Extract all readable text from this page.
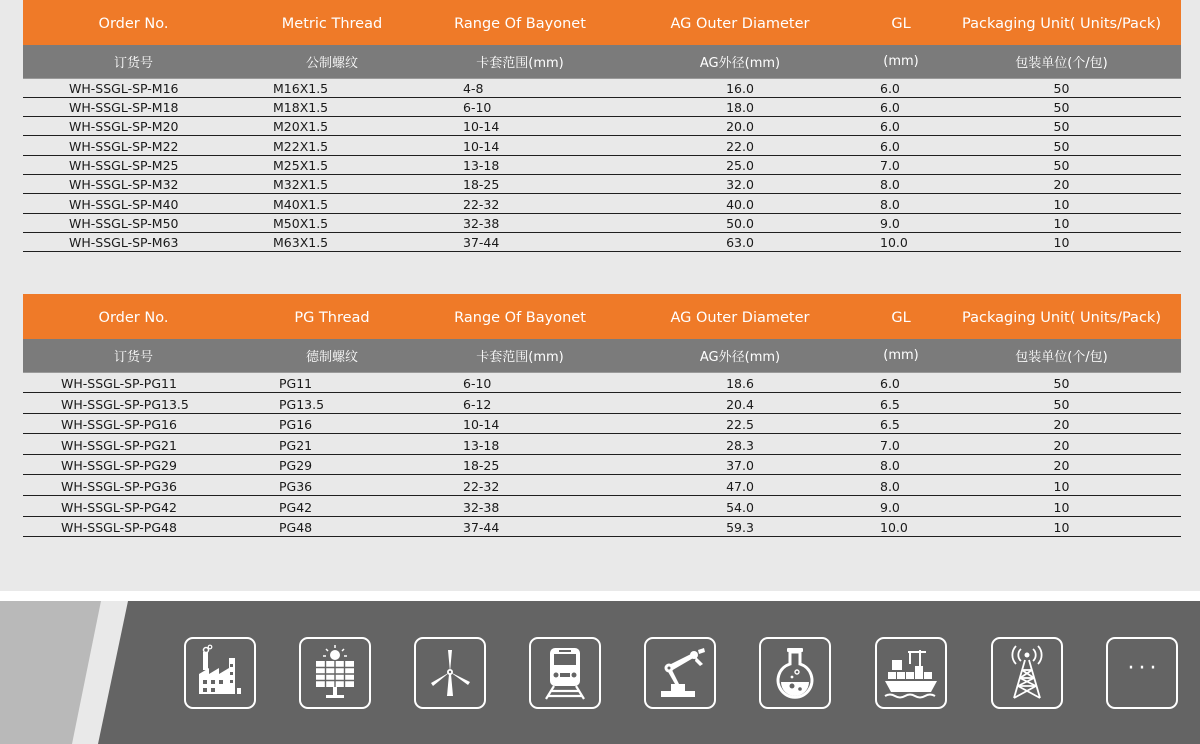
Order No.	Metric Thread	Range Of Bayonet	AG Outer Diameter	GL	Packaging Unit( Units/Pack)
订货号	公制螺纹	卡套范围(mm)	AG外径(mm)	(mm)	包装单位(个/包)
WH-SSGL-SP-M16	M16X1.5	4-8	16.0	6.0	50
WH-SSGL-SP-M18	M18X1.5	6-10	18.0	6.0	50
WH-SSGL-SP-M20	M20X1.5	10-14	20.0	6.0	50
WH-SSGL-SP-M22	M22X1.5	10-14	22.0	6.0	50
WH-SSGL-SP-M25	M25X1.5	13-18	25.0	7.0	50
WH-SSGL-SP-M32	M32X1.5	18-25	32.0	8.0	20
WH-SSGL-SP-M40	M40X1.5	22-32	40.0	8.0	10
WH-SSGL-SP-M50	M50X1.5	32-38	50.0	9.0	10
WH-SSGL-SP-M63	M63X1.5	37-44	63.0	10.0	10
Order No.	PG Thread	Range Of Bayonet	AG Outer Diameter	GL	Packaging Unit( Units/Pack)
订货号	德制螺纹	卡套范围(mm)	AG外径(mm)	(mm)	包装单位(个/包)
WH-SSGL-SP-PG11	PG11	6-10	18.6	6.0	50
WH-SSGL-SP-PG13.5	PG13.5	6-12	20.4	6.5	50
WH-SSGL-SP-PG16	PG16	10-14	22.5	6.5	20
WH-SSGL-SP-PG21	PG21	13-18	28.3	7.0	20
WH-SSGL-SP-PG29	PG29	18-25	37.0	8.0	20
WH-SSGL-SP-PG36	PG36	22-32	47.0	8.0	10
WH-SSGL-SP-PG42	PG42	32-38	54.0	9.0	10
WH-SSGL-SP-PG48	PG48	37-44	59.3	10.0	10
···
